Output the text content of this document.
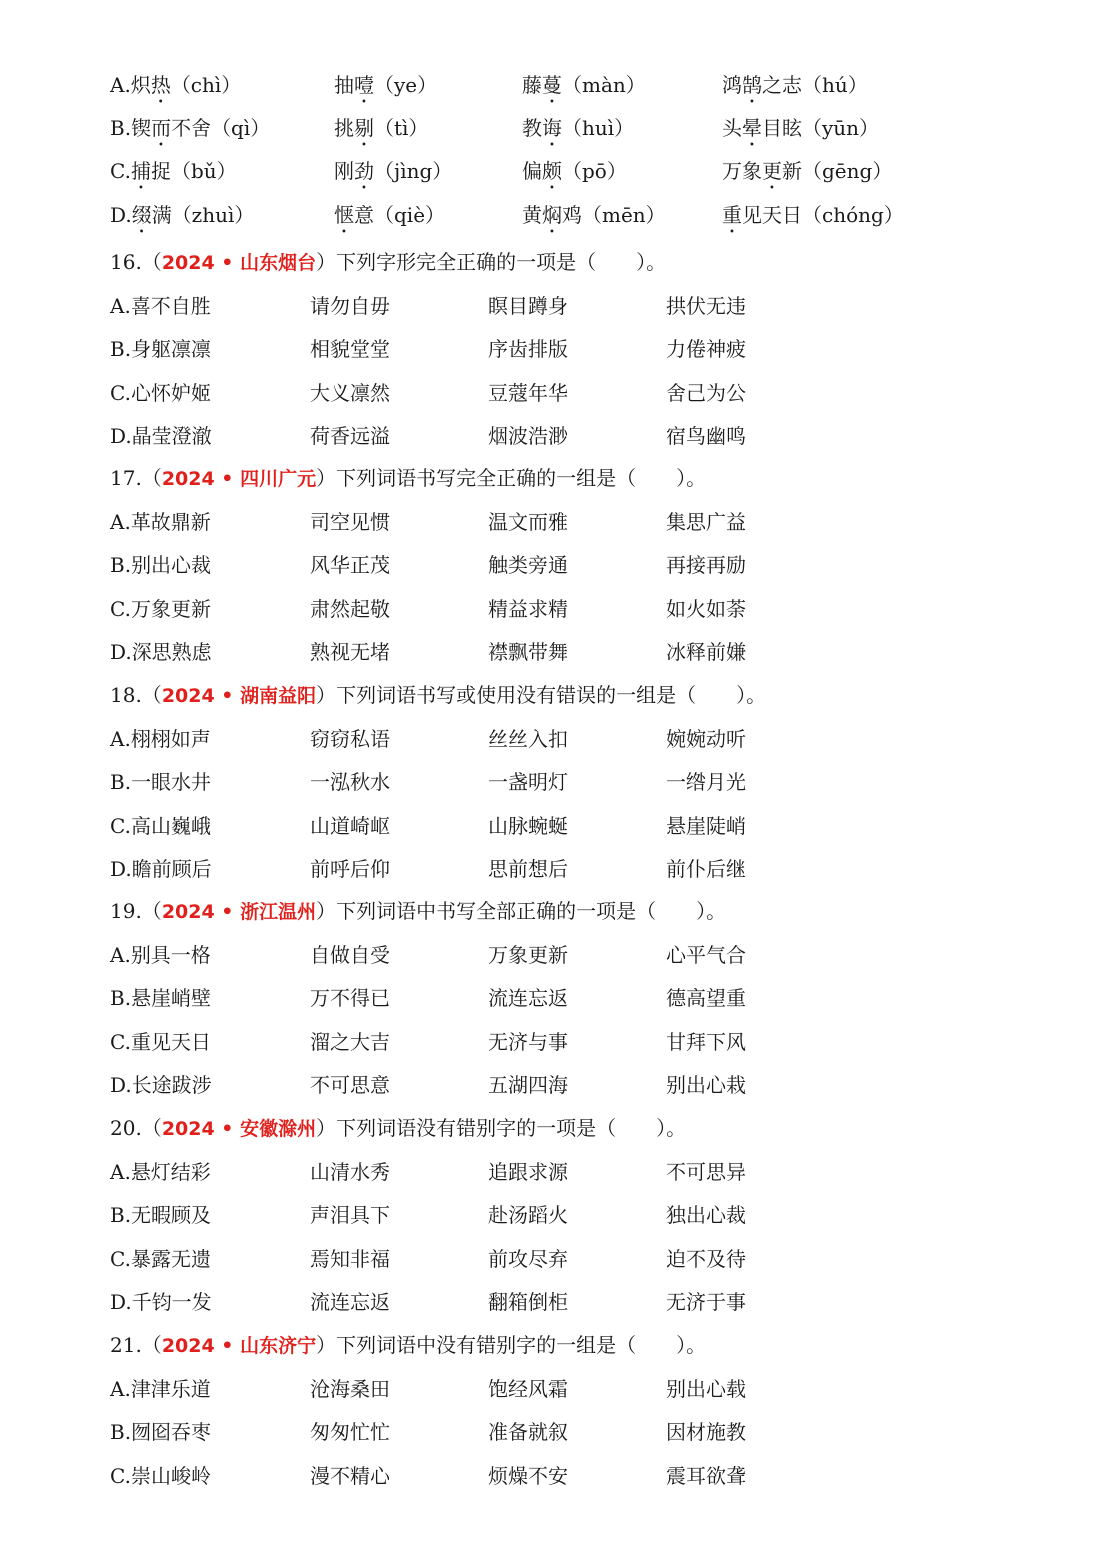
A.炽热（chì）	抽噎（ye）	藤蔓（màn）	鸿鹄之志（hú）
B.锲而不舍（qì）	挑剔（tì）	教诲（huì）	头晕目眩（yūn）
C.捕捉（bǔ）	刚劲（jìng）	偏颇（pō）	万象更新（gēng）
D.缀满（zhuì）	惬意（qiè）	黄焖鸡（mēn）	重见天日（chóng）
16.（2024 • 山东烟台）下列字形完全正确的一项是（　　）。
A.喜不自胜	请勿自毋	瞑目蹲身	拱伏无违
B.身躯凛凛	相貌堂堂	序齿排版	力倦神疲
C.心怀妒姬	大义凛然	豆蔻年华	舍己为公
D.晶莹澄澈	荷香远溢	烟波浩渺	宿鸟幽鸣
17.（2024 • 四川广元）下列词语书写完全正确的一组是（　　）。
A.革故鼎新	司空见惯	温文而雅	集思广益
B.别出心裁	风华正茂	触类旁通	再接再励
C.万象更新	肃然起敬	精益求精	如火如荼
D.深思熟虑	熟视无堵	襟飘带舞	冰释前嫌
18.（2024 • 湖南益阳）下列词语书写或使用没有错误的一组是（　　）。
A.栩栩如声	窃窃私语	丝丝入扣	婉婉动听
B.一眼水井	一泓秋水	一盏明灯	一绺月光
C.高山巍峨	山道崎岖	山脉蜿蜒	悬崖陡峭
D.瞻前顾后	前呼后仰	思前想后	前仆后继
19.（2024 • 浙江温州）下列词语中书写全部正确的一项是（　　）。
A.别具一格	自做自受	万象更新	心平气合
B.悬崖峭壁	万不得已	流连忘返	德高望重
C.重见天日	溜之大吉	无济与事	甘拜下风
D.长途跋涉	不可思意	五湖四海	别出心栽
20.（2024 • 安徽滁州）下列词语没有错别字的一项是（　　）。
A.悬灯结彩	山清水秀	追跟求源	不可思异
B.无暇顾及	声泪具下	赴汤蹈火	独出心裁
C.暴露无遗	焉知非福	前攻尽弃	迫不及待
D.千钧一发	流连忘返	翻箱倒柜	无济于事
21.（2024 • 山东济宁）下列词语中没有错别字的一组是（　　）。
A.津津乐道	沧海桑田	饱经风霜	别出心载
B.囫囵吞枣	匆匆忙忙	准备就叙	因材施教
C.崇山峻岭	漫不精心	烦燥不安	震耳欲聋
